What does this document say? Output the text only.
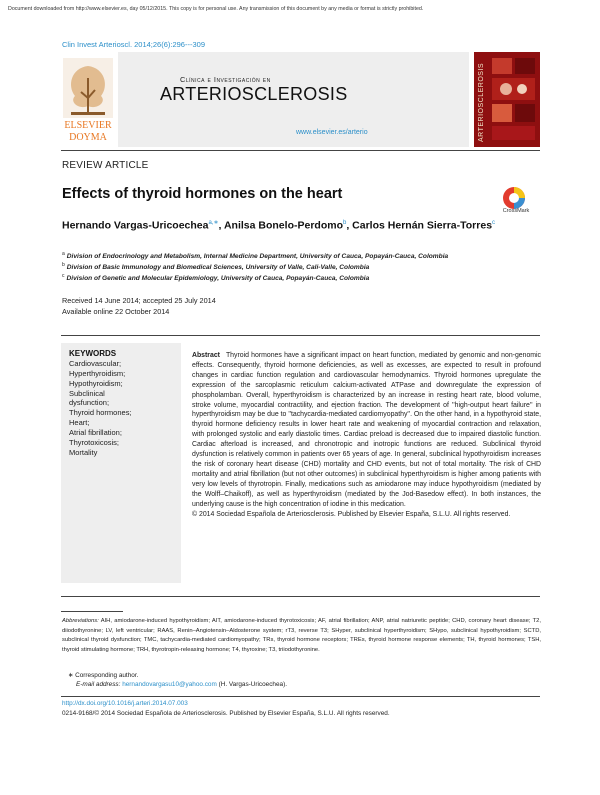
Document downloaded from http://www.elsevier.es, day 05/12/2015. This copy is for personal use. Any transmission of this document by any media or format is strictly prohibited.
Clin Invest Arterioscl. 2014;26(6):296---309
ELSEVIER
DOYMA
Clínica e Investigación en
ARTERIOSCLEROSIS
www.elsevier.es/arterio	ARTERIOSCLEROSIS
REVIEW ARTICLE
Effects of thyroid hormones on the heart
CrossMark
Hernando Vargas-Uricoechea$^{a,∗}$, Anilsa Bonelo-Perdomo$^b$, Carlos Hernán Sierra-Torres$^c$
$^a$ Division of Endocrinology and Metabolism, Internal Medicine Department, University of Cauca, Popayán-Cauca, Colombia
$^b$ Division of Basic Immunology and Biomedical Sciences, University of Valle, Cali-Valle, Colombia
$^c$ Division of Genetic and Molecular Epidemiology, University of Cauca, Popayán-Cauca, Colombia
Received 14 June 2014; accepted 25 July 2014
Available online 22 October 2014
KEYWORDS
Cardiovascular;
Hyperthyroidism;
Hypothyroidism;
Subclinical
dysfunction;
Thyroid hormones;
Heart;
Atrial fibrillation;
Thyrotoxicosis;
Mortality
Abstract Thyroid hormones have a significant impact on heart function, mediated by genomic and non-genomic effects. Consequently, thyroid hormone deficiencies, as well as excesses, are expected to result in profound changes in cardiac function regulation and cardiovascular hemodynamics. Thyroid hormones upregulate the expression of the sarcoplasmic reticulum calcium-activated ATPase and downregulate the expression of phospholamban. Overall, hyperthyroidism is characterized by an increase in resting heart rate, blood volume, stroke volume, myocardial contractility, and ejection fraction. The development of ''high-output heart failure'' in hyperthyroidism may be due to ''tachycardia-mediated cardiomyopathy''. On the other hand, in a hypothyroid state, thyroid hormone deficiency results in lower heart rate and weakening of myocardial contraction and relaxation, with prolonged systolic and early diastolic times. Cardiac preload is decreased due to impaired diastolic function. Cardiac afterload is increased, and chronotropic and inotropic functions are reduced. Subclinical thyroid dysfunction is relatively common in patients over 65 years of age. In general, subclinical hypothyroidism increases the risk of coronary heart disease (CHD) mortality and CHD events, but not of total mortality. The risk of CHD mortality and atrial fibrillation (but not other outcomes) in subclinical hyperthyroidism is higher among patients with very low levels of thyrotropin. Finally, medications such as amiodarone may induce hypothyroidism (mediated by the Wolff–Chaikoff), as well as hyperthyroidism (mediated by the Jod-Basedow effect). In both instances, the underlying cause is the high concentration of iodine in this medication.
© 2014 Sociedad Española de Arteriosclerosis. Published by Elsevier España, S.L.U. All rights reserved.
Abbreviations: AIH, amiodarone-induced hypothyroidism; AIT, amiodarone-induced thyrotoxicosis; AF, atrial fibrillation; ANP, atrial natriuretic peptide; CHD, coronary heart disease; T2, diiodothyronine; LV, left ventricular; RAAS, Renin–Angiotensin–Aldosterone system; rT3, reverse T3; SHyper, subclinical hyperthyroidism; SHypo, subclinical hypothyroidism; SCTD, subclinical thyroid dysfunction; TMC, tachycardia-mediated cardiomyopathy; TRs, thyroid hormone receptors; TREs, thyroid hormone response elements; TH, thyroid hormones; TSH, thyroid stimulating hormone; TRH, thyrotropin-releasing hormone; T4, thyroxine; T3, triiodothyronine.
∗ Corresponding author.
E-mail address: hernandovargasu10@yahoo.com (H. Vargas-Uricoechea).
http://dx.doi.org/10.1016/j.arteri.2014.07.003
0214-9168/© 2014 Sociedad Española de Arteriosclerosis. Published by Elsevier España, S.L.U. All rights reserved.
